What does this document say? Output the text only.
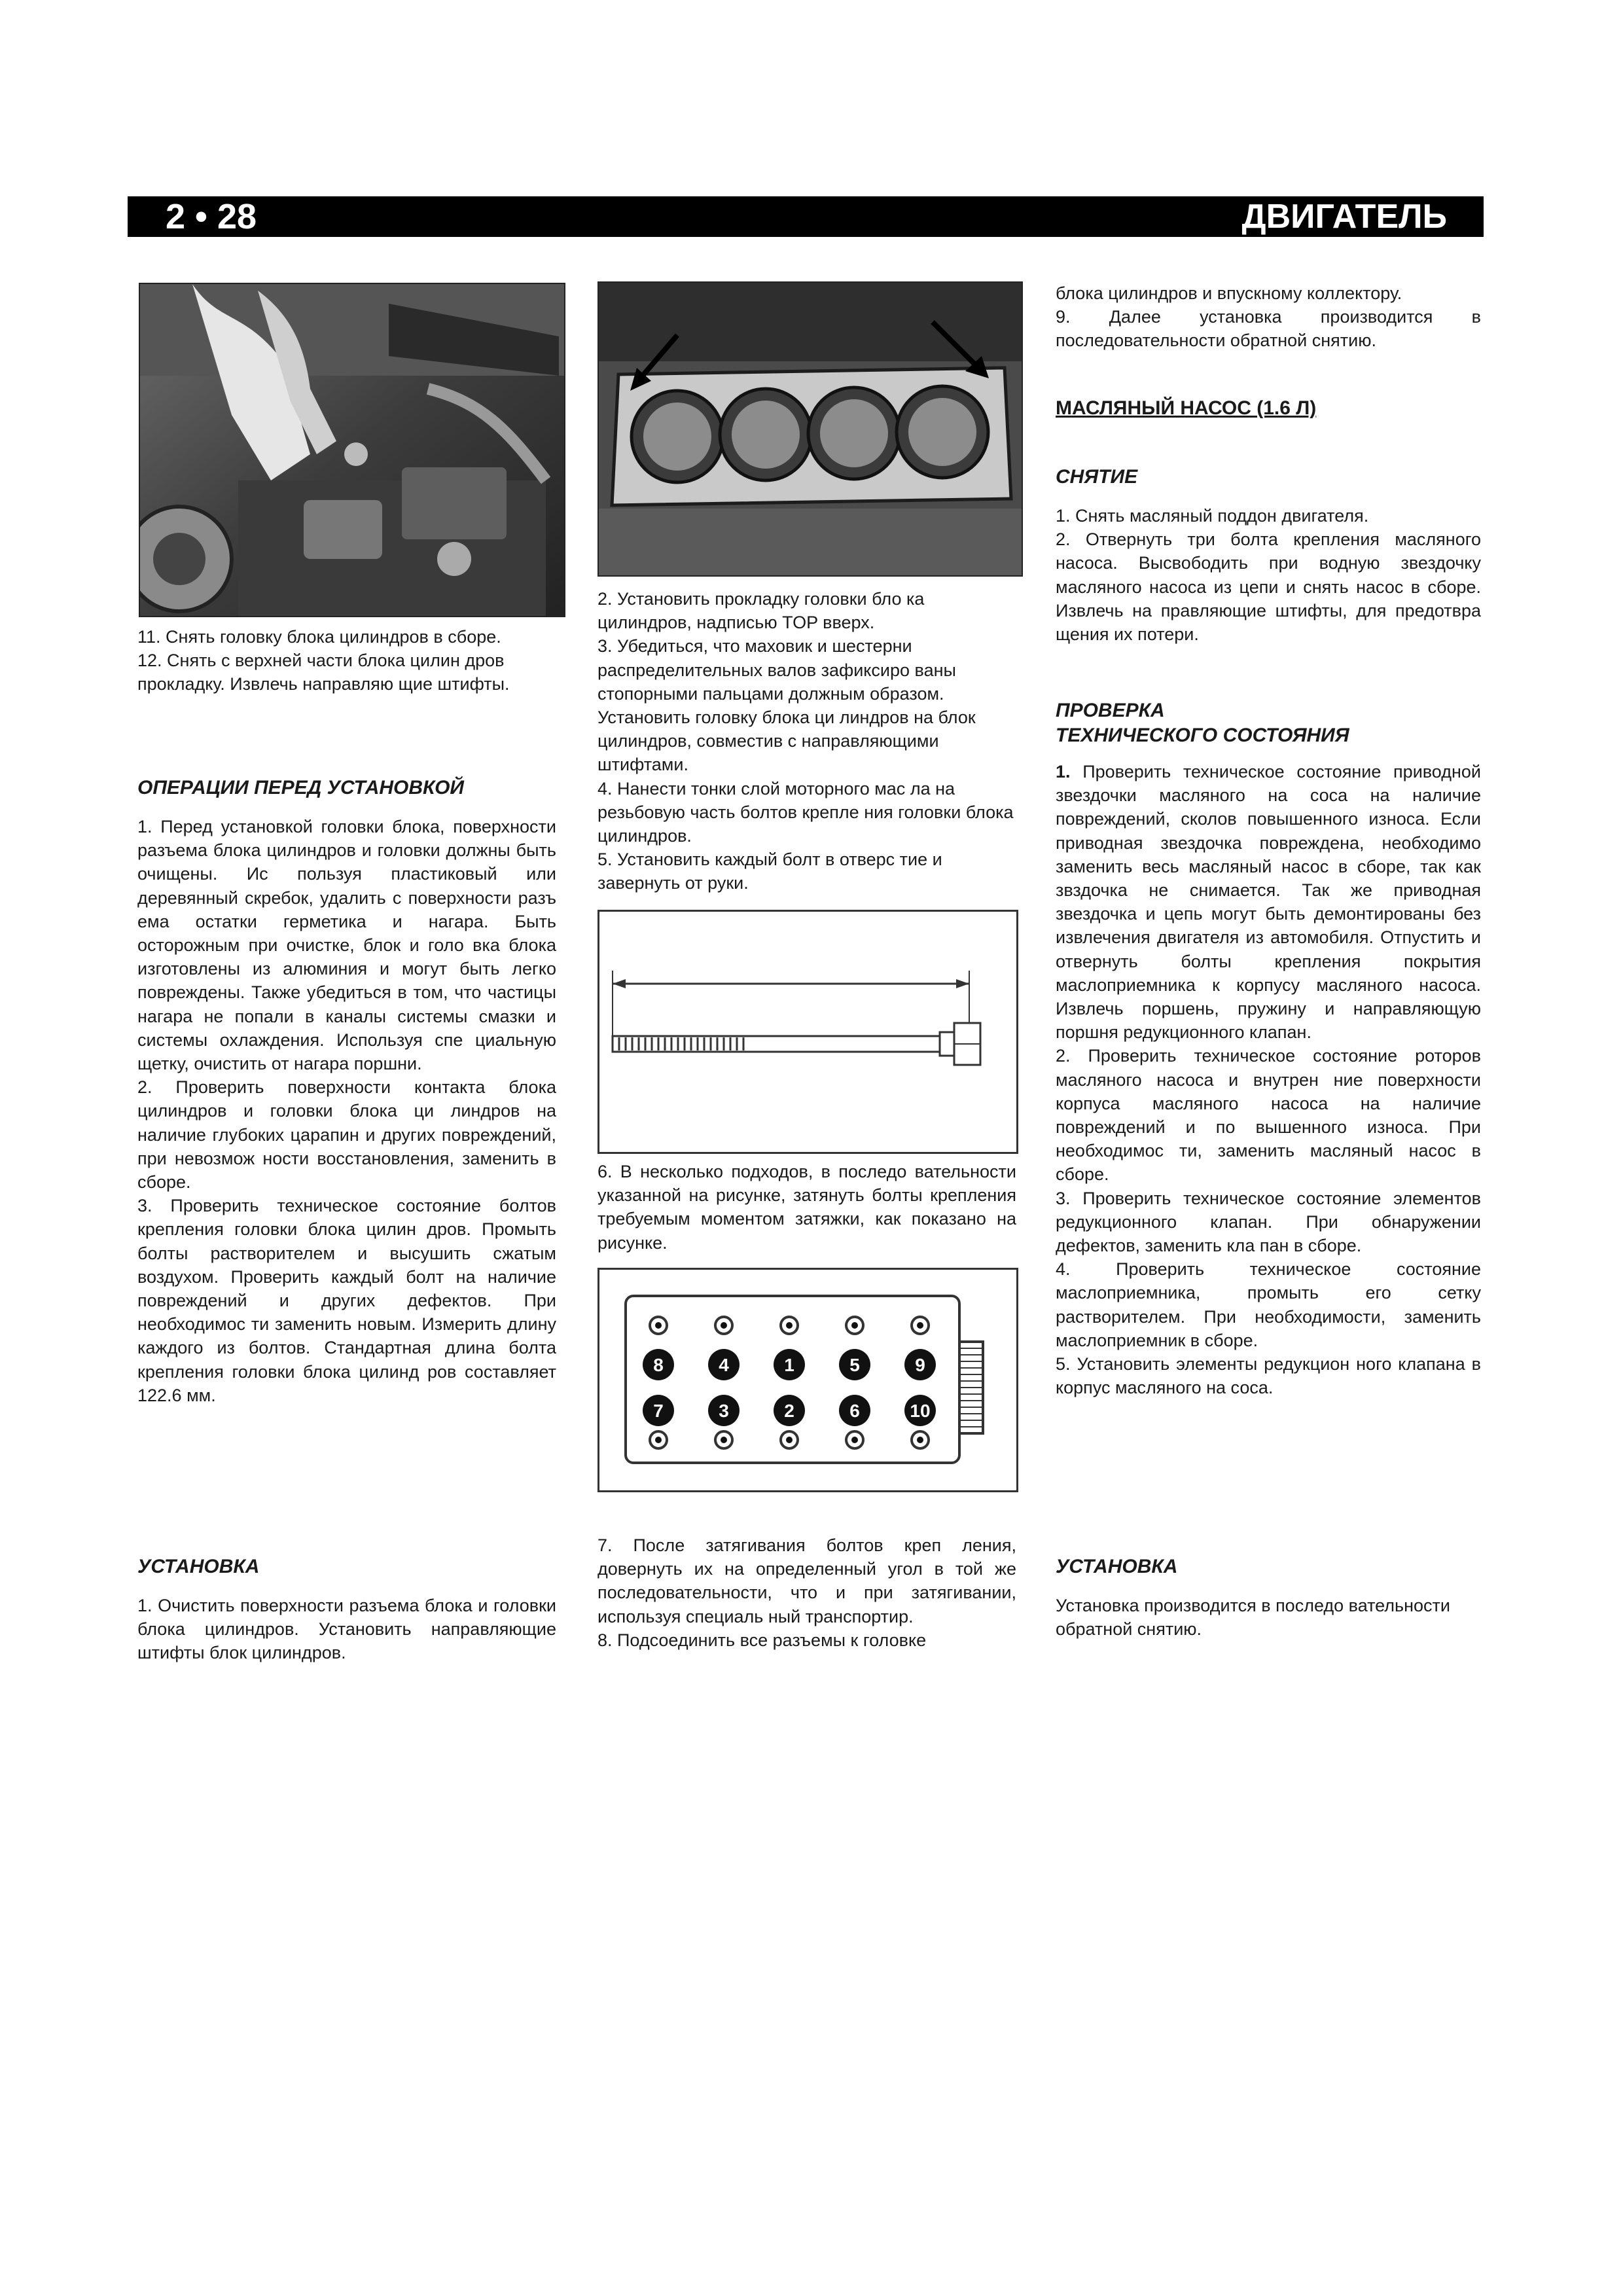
2 • 28	ДВИГАТЕЛЬ
8	4	1	5	9
7	3	2	6	10

11. Снять головку блока цилиндров в сборе.

12. Снять с верхней части блока цилин дров прокладку. Извлечь направляю щие штифты.

ОПЕРАЦИИ ПЕРЕД УСТАНОВКОЙ

1. Перед установкой головки блока, поверхности разъема блока цилиндров и головки должны быть очищены. Ис пользуя пластиковый или деревянный скребок, удалить с поверхности разъ ема остатки герметика и нагара. Быть осторожным при очистке, блок и голо вка блока изготовлены из алюминия и могут быть легко повреждены. Также убедиться в том, что частицы нагара не попали в каналы системы смазки и системы охлаждения. Используя спе циальную щетку, очистить от нагара поршни.

2. Проверить поверхности контакта блока цилиндров и головки блока ци линдров на наличие глубоких царапин и других повреждений, при невозмож ности восстановления, заменить в сборе.

3. Проверить техническое состояние болтов крепления головки блока цилин дров. Промыть болты растворителем и высушить сжатым воздухом. Проверить каждый болт на наличие повреждений и других дефектов. При необходимос ти заменить новым. Измерить длину каждого из болтов. Стандартная длина болта крепления головки блока цилинд ров составляет 122.6 мм.

УСТАНОВКА

1. Очистить поверхности разъема блока и головки блока цилиндров. Установить направляющие штифты блок цилиндров.

2. Установить прокладку головки бло ка цилиндров, надписью TOP вверх.

3. Убедиться, что маховик и шестерни распределительных валов зафиксиро ваны стопорными пальцами должным образом. Установить головку блока ци линдров на блок цилиндров, совместив с направляющими штифтами.

4. Нанести тонки слой моторного мас ла на резьбовую часть болтов крепле ния головки блока цилиндров.

5. Установить каждый болт в отверс тие и завернуть от руки.

6. В несколько подходов, в последо вательности указанной на рисунке, затянуть болты крепления требуемым моментом затяжки, как показано на рисунке.

7. После затягивания болтов креп ления, довернуть их на определенный угол в той же последовательности, что и при затягивании, используя специаль ный транспортир.

8. Подсоединить все разъемы к головке

блока цилиндров и впускному коллектору.

9. Далее установка производится в последовательности обратной снятию.

МАСЛЯНЫЙ НАСОС (1.6 Л)

СНЯТИЕ

1. Снять масляный поддон двигателя.

2. Отвернуть три болта крепления масляного насоса. Высвободить при водную звездочку масляного насоса из цепи и снять насос в сборе. Извлечь на правляющие штифты, для предотвра щения их потери.

ПРОВЕРКА

ТЕХНИЧЕСКОГО СОСТОЯНИЯ

1. Проверить техническое состояние приводной звездочки масляного на соса на наличие повреждений, сколов повышенного износа. Если приводная звездочка повреждена, необходимо заменить весь масляный насос в сборе, так как звздочка не снимается. Так же приводная звездочка и цепь могут быть демонтированы без извлечения двигателя из автомобиля. Отпустить и отвернуть болты крепления покрытия маслоприемника к корпусу масляного насоса. Извлечь поршень, пружину и направляющую поршня редукционного клапан.

2. Проверить техническое состояние роторов масляного насоса и внутрен ние поверхности корпуса масляного насоса на наличие повреждений и по вышенного износа. При необходимос ти, заменить масляный насос в сборе.

3. Проверить техническое состояние элементов редукционного клапан. При обнаружении дефектов, заменить кла пан в сборе.

4. Проверить техническое состояние маслоприемника, промыть его сетку растворителем. При необходимости, заменить маслоприемник в сборе.

5. Установить элементы редукцион ного клапана в корпус масляного на соса.

УСТАНОВКА

Установка производится в последо вательности обратной снятию.
